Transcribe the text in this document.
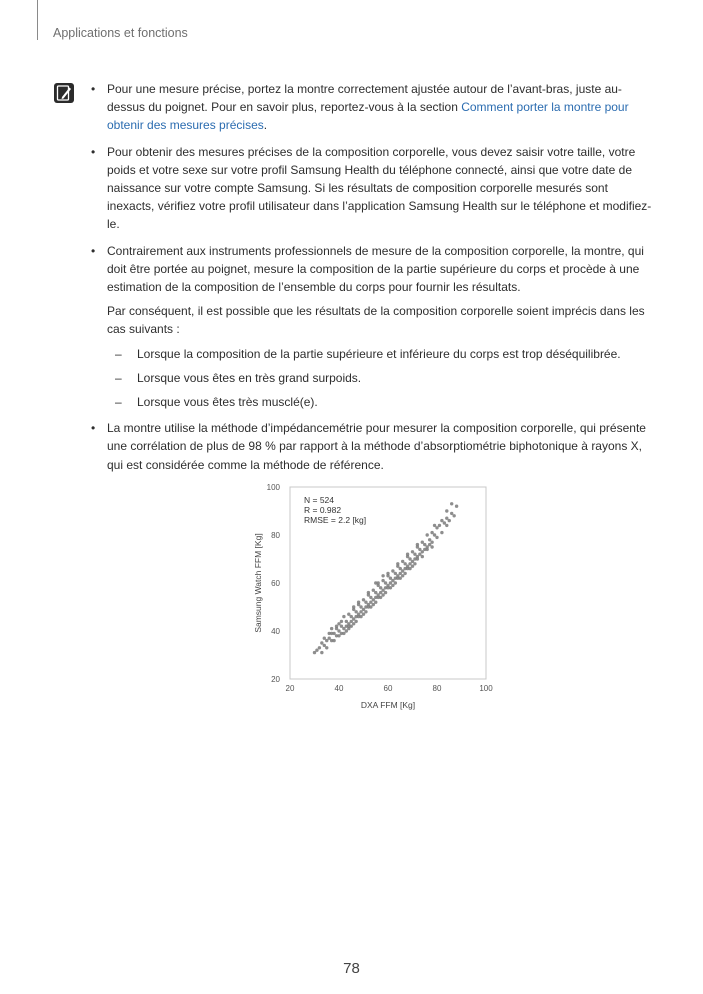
Applications et fonctions
• Pour une mesure précise, portez la montre correctement ajustée autour de l’avant-bras, juste au-dessus du poignet. Pour en savoir plus, reportez-vous à la section Comment porter la montre pour obtenir des mesures précises.

• Pour obtenir des mesures précises de la composition corporelle, vous devez saisir votre taille, votre poids et votre sexe sur votre profil Samsung Health du téléphone connecté, ainsi que votre date de naissance sur votre compte Samsung. Si les résultats de composition corporelle mesurés sont inexacts, vérifiez votre profil utilisateur dans l’application Samsung Health sur le téléphone et modifiez-le.

• Contrairement aux instruments professionnels de mesure de la composition corporelle, la montre, qui doit être portée au poignet, mesure la composition de la partie supérieure du corps et procède à une estimation de la composition de l’ensemble du corps pour fournir les résultats.

Par conséquent, il est possible que les résultats de la composition corporelle soient imprécis dans les cas suivants :

– Lorsque la composition de la partie supérieure et inférieure du corps est trop déséquilibrée.
– Lorsque vous êtes en très grand surpoids.
– Lorsque vous êtes très musclé(e).
• La montre utilise la méthode d’impédancemétrie pour mesurer la composition corporelle, qui présente une corrélation de plus de 98 % par rapport à la méthode d’absorptiométrie biphotonique à rayons X, qui est considérée comme la méthode de référence.

20	40	60	80	100
20
40
60
80
100
DXA FFM [Kg]
Samsung Watch FFM [Kg]
N = 524
R = 0.982
RMSE = 2.2 [kg]
78
